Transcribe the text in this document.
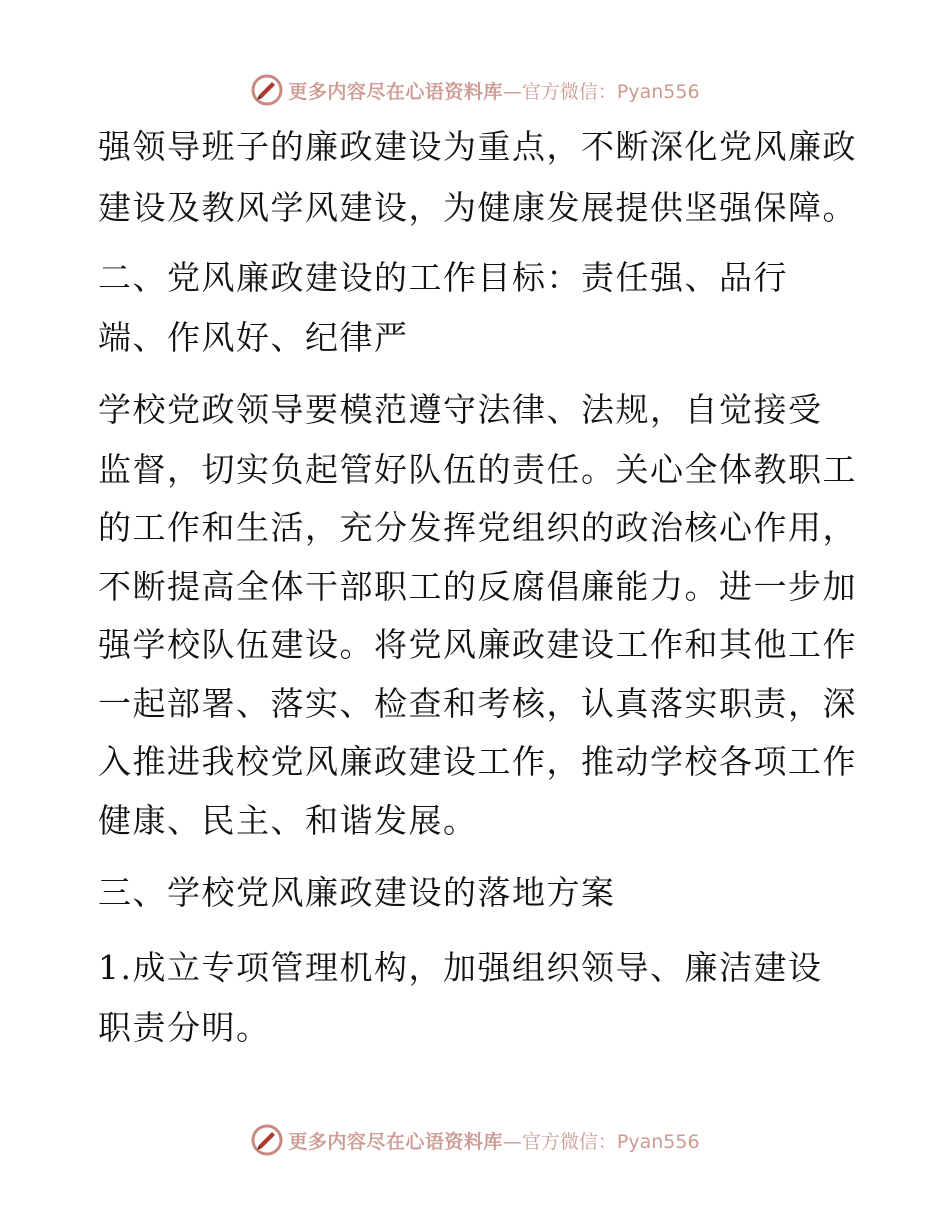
更多内容尽在心语资料库 —官方微信：Pyan556
强领导班子的廉政建设为重点，不断深化党风廉政
建设及教风学风建设，为健康发展提供坚强保障。
二、党风廉政建设的工作目标：责任强、品行
端、作风好、纪律严
学校党政领导要模范遵守法律、法规，自觉接受
监督，切实负起管好队伍的责任。关心全体教职工
的工作和生活，充分发挥党组织的政治核心作用，
不断提高全体干部职工的反腐倡廉能力。进一步加
强学校队伍建设。将党风廉政建设工作和其他工作
一起部署、落实、检查和考核，认真落实职责，深
入推进我校党风廉政建设工作，推动学校各项工作
健康、民主、和谐发展。
三、学校党风廉政建设的落地方案
1.成立专项管理机构，加强组织领导、廉洁建设
职责分明。
更多内容尽在心语资料库 —官方微信：Pyan556
